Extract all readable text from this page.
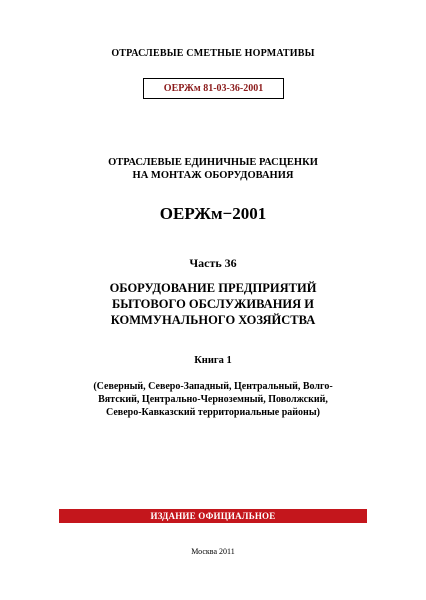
ОТРАСЛЕВЫЕ СМЕТНЫЕ НОРМАТИВЫ
ОЕРЖм 81-03-36-2001
ОТРАСЛЕВЫЕ ЕДИНИЧНЫЕ РАСЦЕНКИ
НА МОНТАЖ ОБОРУДОВАНИЯ
ОЕРЖм−2001
Часть 36
ОБОРУДОВАНИЕ ПРЕДПРИЯТИЙ
БЫТОВОГО ОБСЛУЖИВАНИЯ И
КОММУНАЛЬНОГО ХОЗЯЙСТВА
Книга 1
(Северный, Северо-Западный, Центральный, Волго-Вятский, Центрально-Черноземный, Поволжский, Северо-Кавказский территориальные районы)
ИЗДАНИЕ ОФИЦИАЛЬНОЕ
Москва 2011
